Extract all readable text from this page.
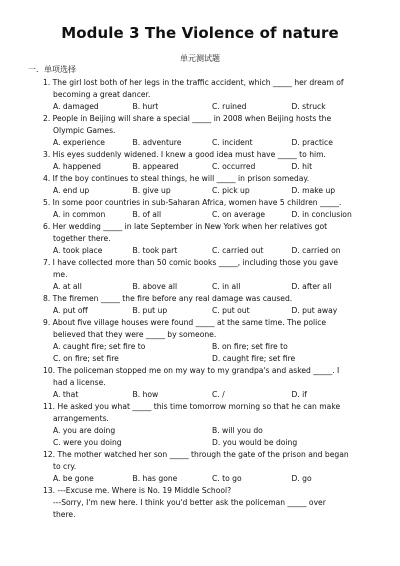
Module 3 The Violence of nature
单元测试题
一．单项选择
1. The girl lost both of her legs in the traffic accident, which _____ her dream of
becoming a great dancer.
A. damaged	B. hurt	C. ruined	D. struck
2. People in Beijing will share a special _____ in 2008 when Beijing hosts the
Olympic Games.
A. experience	B. adventure	C. incident	D. practice
3. His eyes suddenly widened. I knew a good idea must have _____ to him.
A. happened	B. appeared	C. occurred	D. hit
4. If the boy continues to steal things, he will _____ in prison someday.
A. end up	B. give up	C. pick up	D. make up
5. In some poor countries in sub-Saharan Africa, women have 5 children _____.
A. in common	B. of all	C. on average	D. in conclusion
6. Her wedding _____ in late September in New York when her relatives got
together there.
A. took place	B. took part	C. carried out	D. carried on
7. I have collected more than 50 comic books _____, including those you gave
me.
A. at all	B. above all	C. in all	D. after all
8. The firemen _____ the fire before any real damage was caused.
A. put off	B. put up	C. put out	D. put away
9. About five village houses were found _____ at the same time. The police
believed that they were _____ by someone.
A. caught fire; set fire to	B. on fire; set fire to
C. on fire; set fire	D. caught fire; set fire
10. The policeman stopped me on my way to my grandpa's and asked _____. I
had a license.
A. that	B. how	C. /	D. if
11. He asked you what _____ this time tomorrow morning so that he can make
arrangements.
A. you are doing	B. will you do
C. were you doing	D. you would be doing
12. The mother watched her son _____ through the gate of the prison and began
to cry.
A. be gone	B. has gone	C. to go	D. go
13. ---Excuse me. Where is No. 19 Middle School?
---Sorry, I'm new here. I think you'd better ask the policeman _____ over
there.
